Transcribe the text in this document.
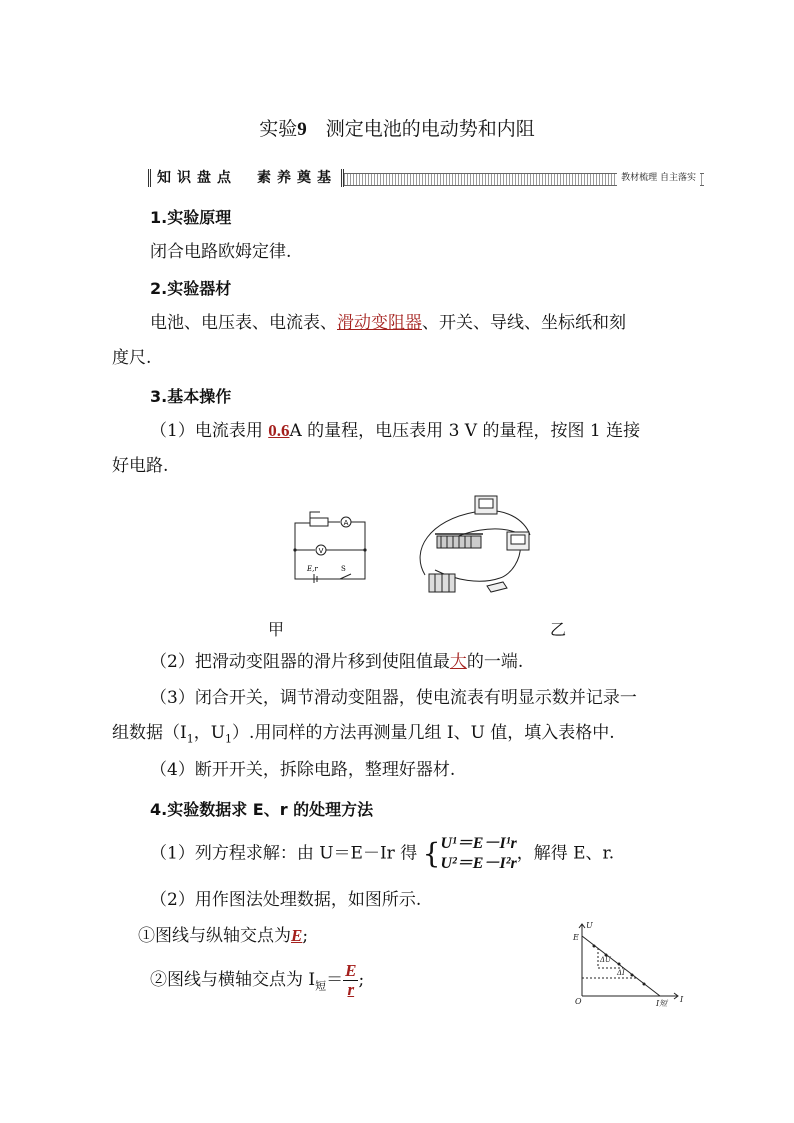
实验9　 测定电池的电动势和内阻
知识盘点　素养奠基	教材梳理 自主落实
1.实验原理
闭合电路欧姆定律.
2.实验器材
电池、电压表、电流表、滑动变阻器、开关、导线、坐标纸和刻
度尺.
3.基本操作
（1）电流表用 0.6A 的量程，电压表用 3 V 的量程，按图 1 连接
好电路.
A
V
E,r	S
甲	乙
（2）把滑动变阻器的滑片移到使阻值最大的一端.
（3）闭合开关，调节滑动变阻器，使电流表有明显示数并记录一
组数据（$I_1$，$U_1$）.用同样的方法再测量几组 I、U 值，填入表格中.
（4）断开开关，拆除电路，整理好器材.
4.实验数据求 E、r 的处理方法
（1）列方程求解：由 U＝E－Ir 得 { U¹＝E－I¹r
U²＝E－I²r ，解得 E、r.
（2）用作图法处理数据，如图所示.
①图线与纵轴交点为E;
②图线与横轴交点为 $I_短= \frac{E}{r}$ ;
U
I
O
E
I短
ΔU
ΔI
